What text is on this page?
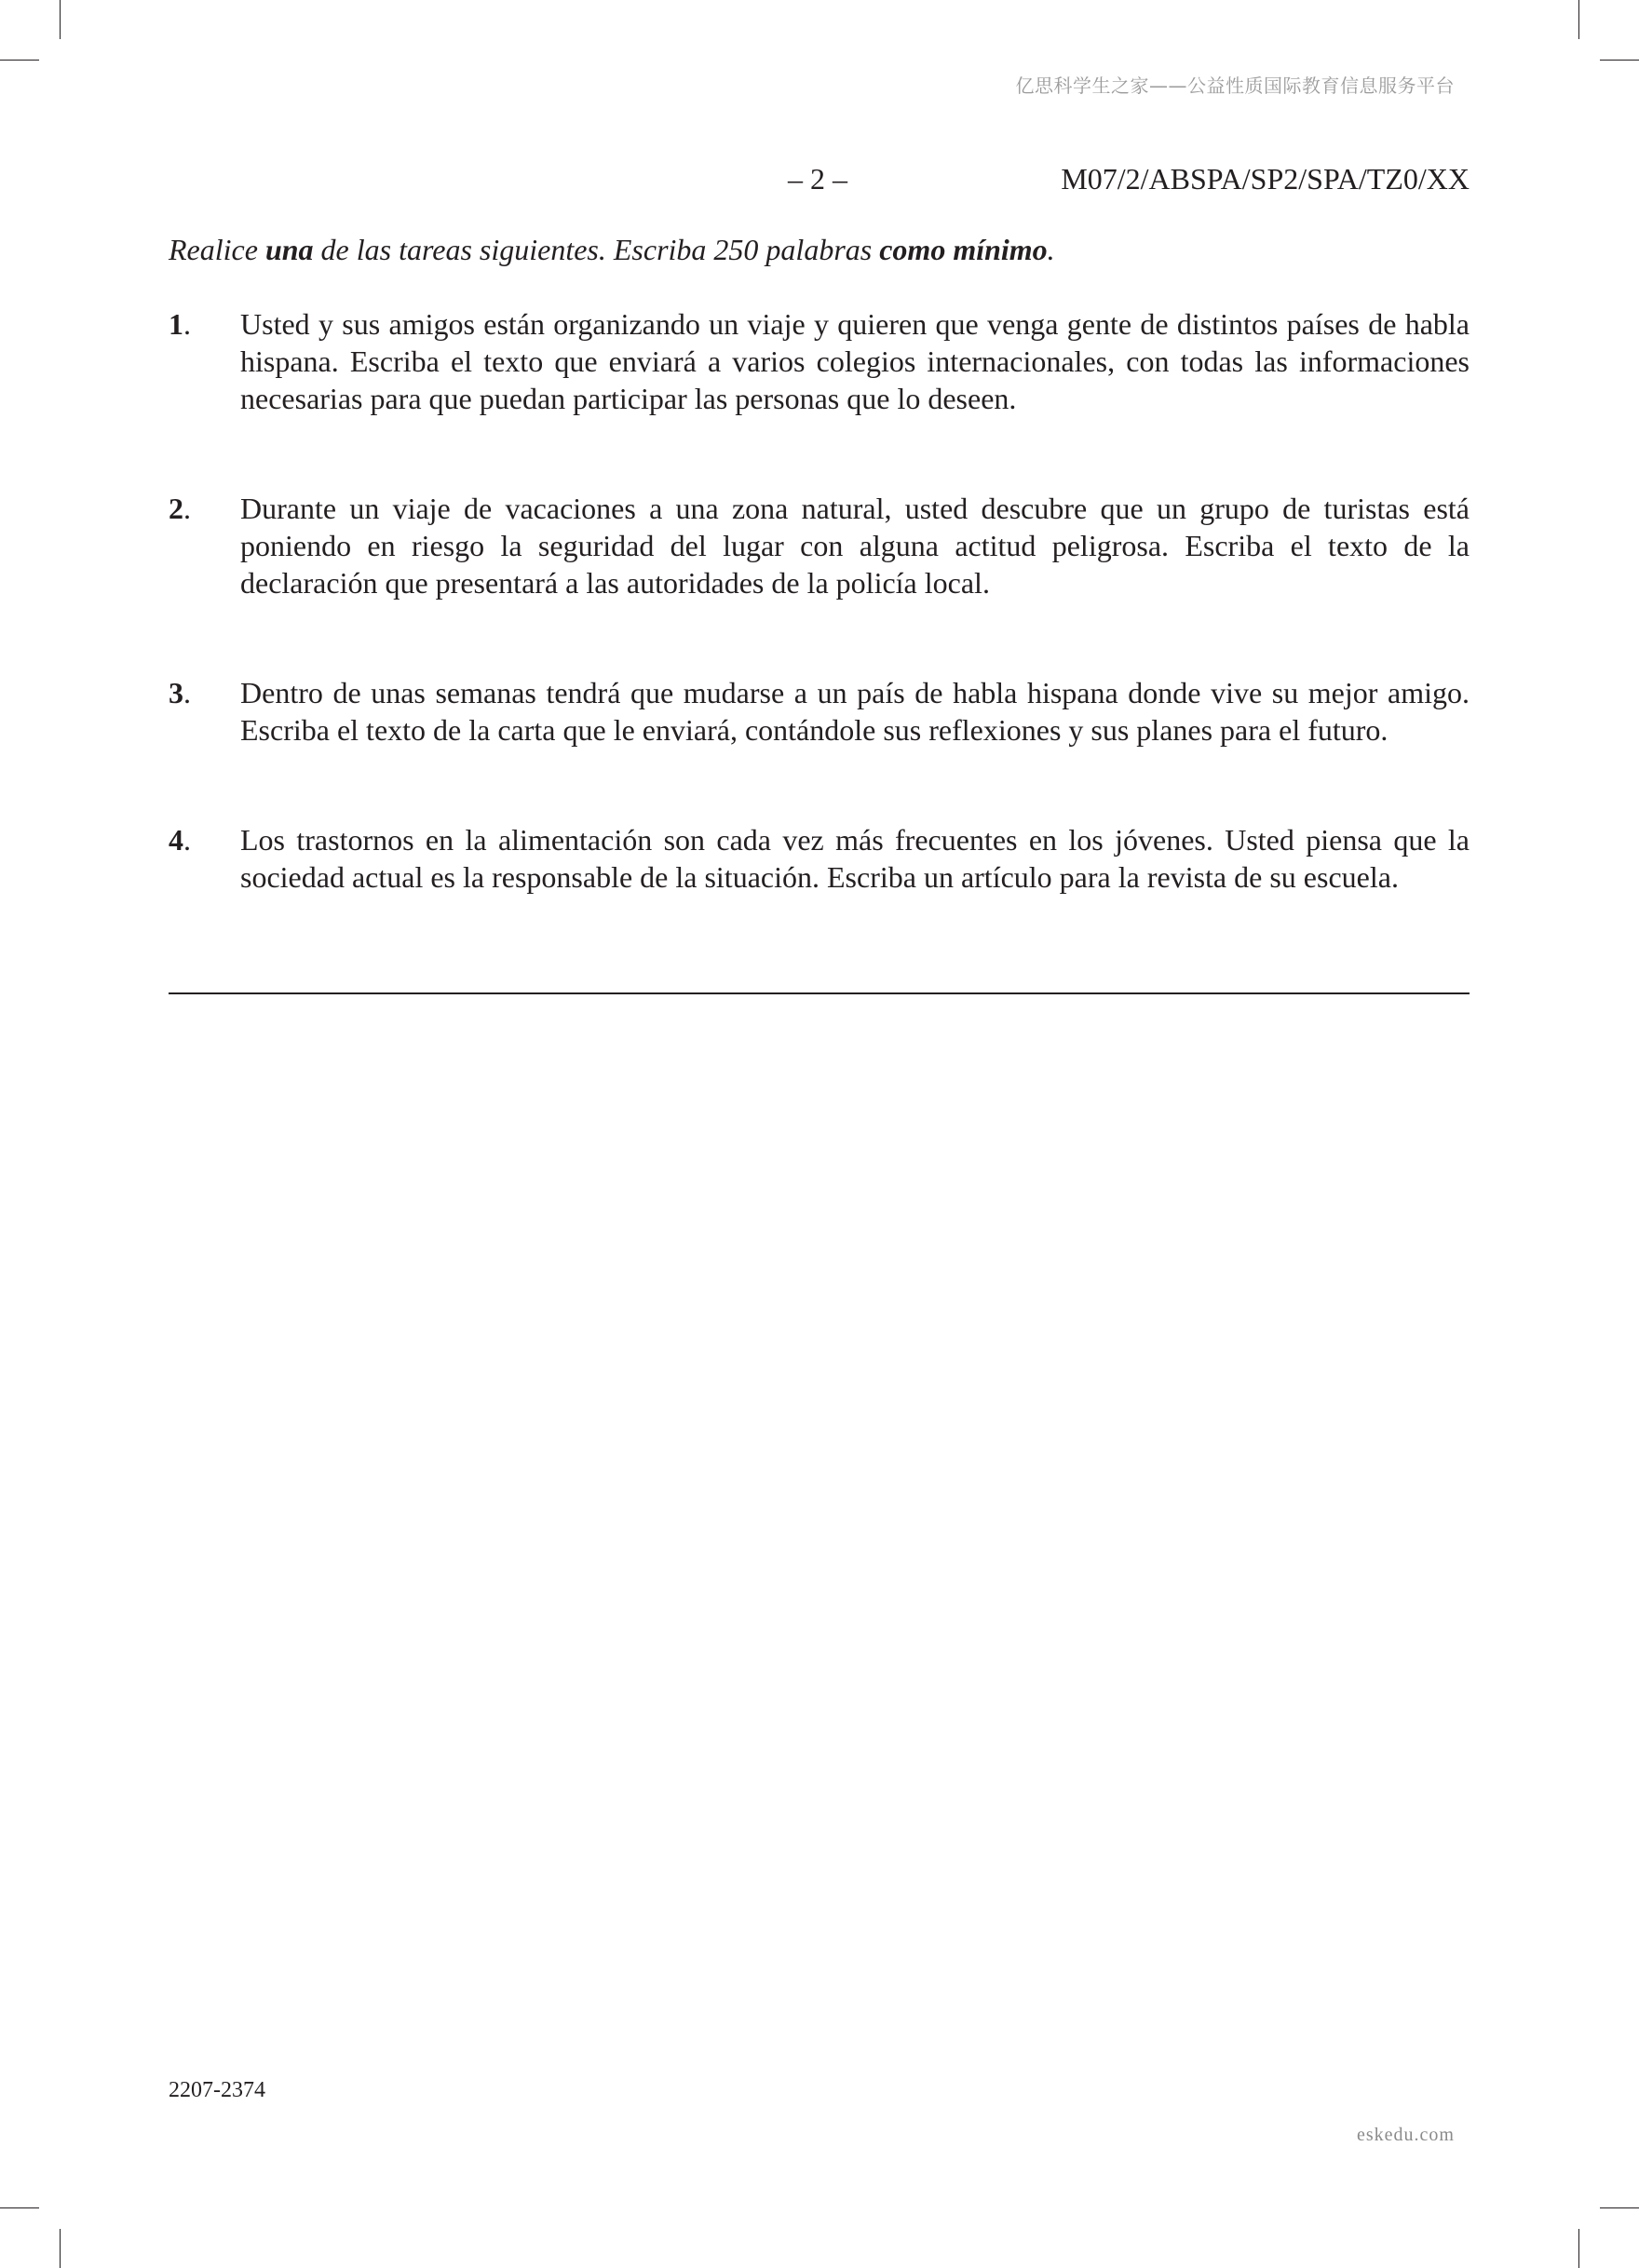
亿思科学生之家——公益性质国际教育信息服务平台
– 2 –	M07/2/ABSPA/SP2/SPA/TZ0/XX
Realice una de las tareas siguientes. Escriba 250 palabras como mínimo.
1. Usted y sus amigos están organizando un viaje y quieren que venga gente de distintos países de habla hispana. Escriba el texto que enviará a varios colegios internacionales, con todas las informaciones necesarias para que puedan participar las personas que lo deseen.
2. Durante un viaje de vacaciones a una zona natural, usted descubre que un grupo de turistas está poniendo en riesgo la seguridad del lugar con alguna actitud peligrosa. Escriba el texto de la declaración que presentará a las autoridades de la policía local.
3. Dentro de unas semanas tendrá que mudarse a un país de habla hispana donde vive su mejor amigo. Escriba el texto de la carta que le enviará, contándole sus reflexiones y sus planes para el futuro.
4. Los trastornos en la alimentación son cada vez más frecuentes en los jóvenes. Usted piensa que la sociedad actual es la responsable de la situación. Escriba un artículo para la revista de su escuela.
2207-2374
eskedu.com
